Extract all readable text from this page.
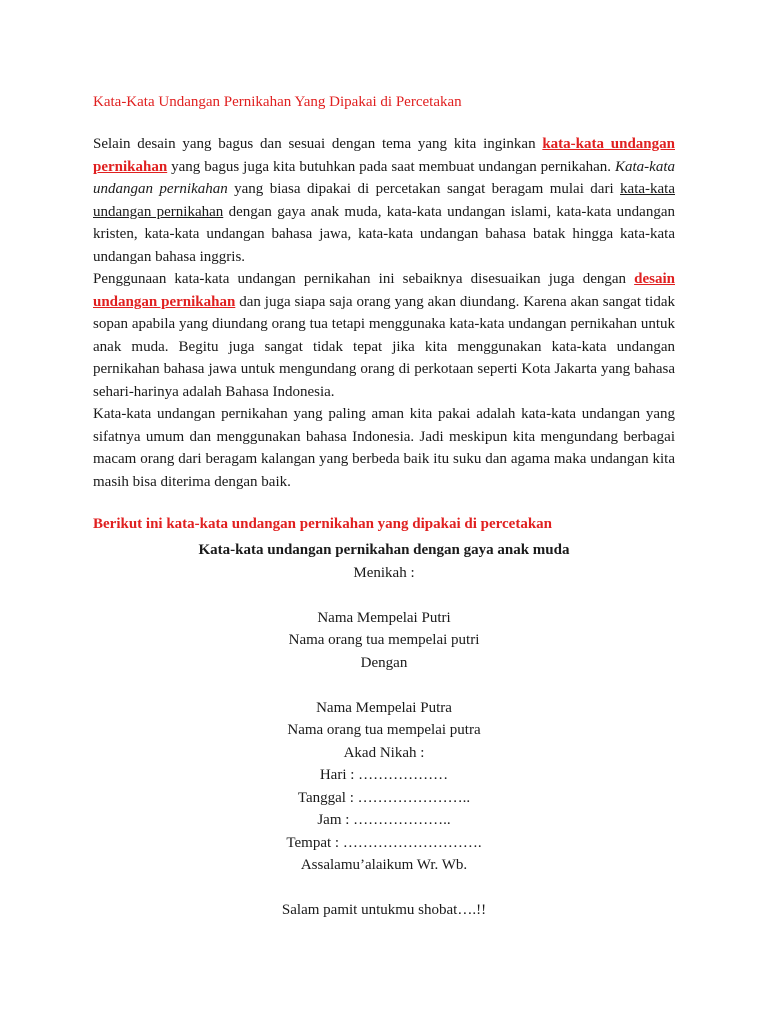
Kata-Kata Undangan Pernikahan Yang Dipakai di Percetakan

Selain desain yang bagus dan sesuai dengan tema yang kita inginkan kata-kata undangan pernikahan yang bagus juga kita butuhkan pada saat membuat undangan pernikahan. Kata-kata undangan pernikahan yang biasa dipakai di percetakan sangat beragam mulai dari kata-kata undangan pernikahan dengan gaya anak muda, kata-kata undangan islami, kata-kata undangan kristen, kata-kata undangan bahasa jawa, kata-kata undangan bahasa batak hingga kata-kata undangan bahasa inggris.

Penggunaan kata-kata undangan pernikahan ini sebaiknya disesuaikan juga dengan desain undangan pernikahan dan juga siapa saja orang yang akan diundang. Karena akan sangat tidak sopan apabila yang diundang orang tua tetapi menggunaka kata-kata undangan pernikahan untuk anak muda. Begitu juga sangat tidak tepat jika kita menggunakan kata-kata undangan pernikahan bahasa jawa untuk mengundang orang di perkotaan seperti Kota Jakarta yang bahasa sehari-harinya adalah Bahasa Indonesia.

Kata-kata undangan pernikahan yang paling aman kita pakai adalah kata-kata undangan yang sifatnya umum dan menggunakan bahasa Indonesia. Jadi meskipun kita mengundang berbagai macam orang dari beragam kalangan yang berbeda baik itu suku dan agama maka undangan kita masih bisa diterima dengan baik.

Berikut ini kata-kata undangan pernikahan yang dipakai di percetakan
Kata-kata undangan pernikahan dengan gaya anak muda
Menikah :
Nama Mempelai Putri
Nama orang tua mempelai putri
Dengan
Nama Mempelai Putra
Nama orang tua mempelai putra
Akad Nikah :
Hari : ………………
Tanggal : …………………..
Jam : ………………..
Tempat : ……………………….
Assalamu’alaikum Wr. Wb.
Salam pamit untukmu shobat….!!
